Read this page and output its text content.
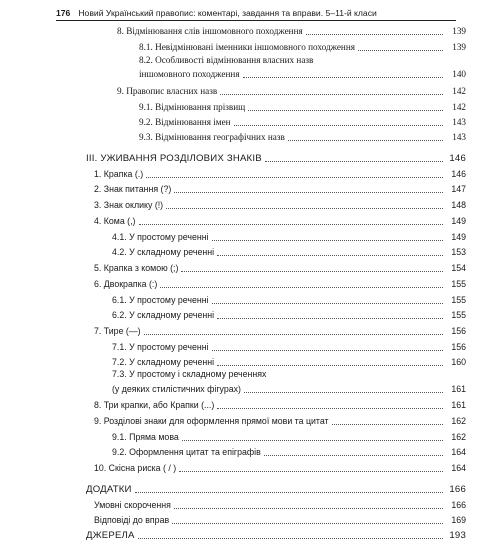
176 Новий Український правопис: коментарі, завдання та вправи. 5–11-й класи
8. Відмінювання слів іншомовного походження	139
8.1. Невідмінювані іменники іншомовного походження	139
8.2. Особливості відмінювання власних назв
іншомовного походження	140
9. Правопис власних назв	142
9.1. Відмінювання прізвищ	142
9.2. Відмінювання імен	143
9.3. Відмінювання географічних назв	143
ІІІ. УЖИВАННЯ РОЗДІЛОВИХ ЗНАКІВ	146
1. Крапка (.)	146
2. Знак питання (?)	147
3. Знак оклику (!)	148
4. Кома (,)	149
4.1. У простому реченні	149
4.2. У складному реченні	153
5. Крапка з комою (;)	154
6. Двокрапка (:)	155
6.1. У простому реченні	155
6.2. У складному реченні	155
7. Тире (—)	156
7.1. У простому реченні	156
7.2. У складному реченні	160
7.3. У простому і складному реченнях
(у деяких стилістичних фігурах)	161
8. Три крапки, або Крапки (...)	161
9. Розділові знаки для оформлення прямої мови та цитат	162
9.1. Пряма мова	162
9.2. Оформлення цитат та епіграфів	164
10. Скісна риска ( / )	164
ДОДАТКИ	166
Умовні скорочення	166
Відповіді до вправ	169
ДЖЕРЕЛА	193
